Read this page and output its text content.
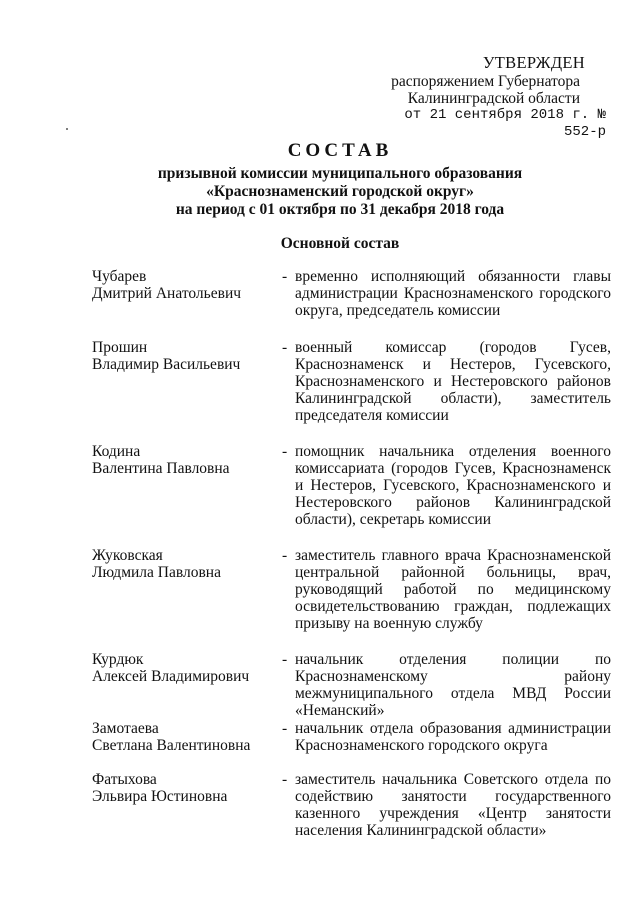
УТВЕРЖДЕН
распоряжением Губернатора
Калининградской области
от 21 сентября 2018 г. № 552-р
СОСТАВ
призывной комиссии муниципального образования
«Краснознаменский городской округ»
на период с 01 октября по 31 декабря 2018 года
Основной состав
Чубарев
Дмитрий Анатольевич
- временно исполняющий обязанности главы администрации Краснознаменского городского округа, председатель комиссии
Прошин
Владимир Васильевич
- военный комиссар (городов Гусев, Краснознаменск и Нестеров, Гусевского, Краснознаменского и Нестеровского районов Калининградской области), заместитель председателя комиссии
Кодина
Валентина Павловна
- помощник начальника отделения военного комиссариата (городов Гусев, Краснознаменск и Нестеров, Гусевского, Краснознаменского и Нестеровского районов Калининградской области), секретарь комиссии
Жуковская
Людмила Павловна
- заместитель главного врача Краснознаменской центральной районной больницы, врач, руководящий работой по медицинскому освидетельствованию граждан, подлежащих призыву на военную службу
Курдюк
Алексей Владимирович
- начальник отделения полиции по Краснознаменскому району межмуниципального отдела МВД России «Неманский»
Замотаева
Светлана Валентиновна
- начальник отдела образования администрации Краснознаменского городского округа
Фатыхова
Эльвира Юстиновна
- заместитель начальника Советского отдела по содействию занятости государственного казенного учреждения «Центр занятости населения Калининградской области»
